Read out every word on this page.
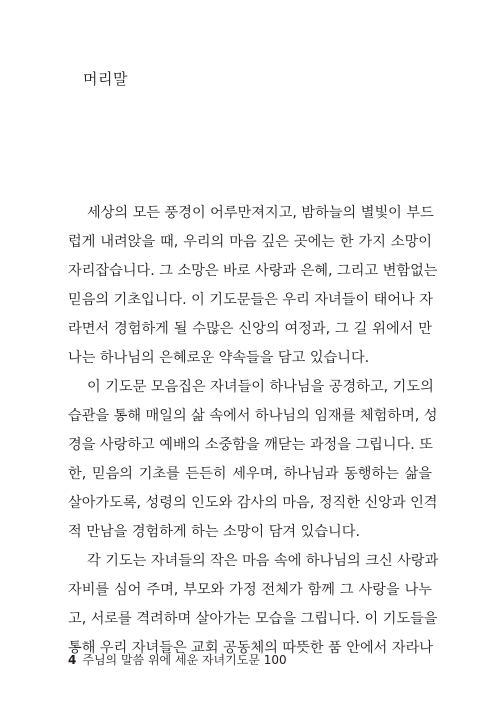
머리말
세상의 모든 풍경이 어루만져지고, 밤하늘의 별빛이 부드
럽게 내려앉을 때, 우리의 마음 깊은 곳에는 한 가지 소망이
자리잡습니다. 그 소망은 바로 사랑과 은혜, 그리고 변함없는
믿음의 기초입니다. 이 기도문들은 우리 자녀들이 태어나 자
라면서 경험하게 될 수많은 신앙의 여정과, 그 길 위에서 만
나는 하나님의 은혜로운 약속들을 담고 있습니다.
이 기도문 모음집은 자녀들이 하나님을 공경하고, 기도의
습관을 통해 매일의 삶 속에서 하나님의 임재를 체험하며, 성
경을 사랑하고 예배의 소중함을 깨닫는 과정을 그립니다. 또
한, 믿음의 기초를 든든히 세우며, 하나님과 동행하는 삶을
살아가도록, 성령의 인도와 감사의 마음, 정직한 신앙과 인격
적 만남을 경험하게 하는 소망이 담겨 있습니다.
각 기도는 자녀들의 작은 마음 속에 하나님의 크신 사랑과
자비를 심어 주며, 부모와 가정 전체가 함께 그 사랑을 나누
고, 서로를 격려하며 살아가는 모습을 그립니다. 이 기도들을
통해 우리 자녀들은 교회 공동체의 따뜻한 품 안에서 자라나
4 주님의 말씀 위에 세운 자녀기도문 100
